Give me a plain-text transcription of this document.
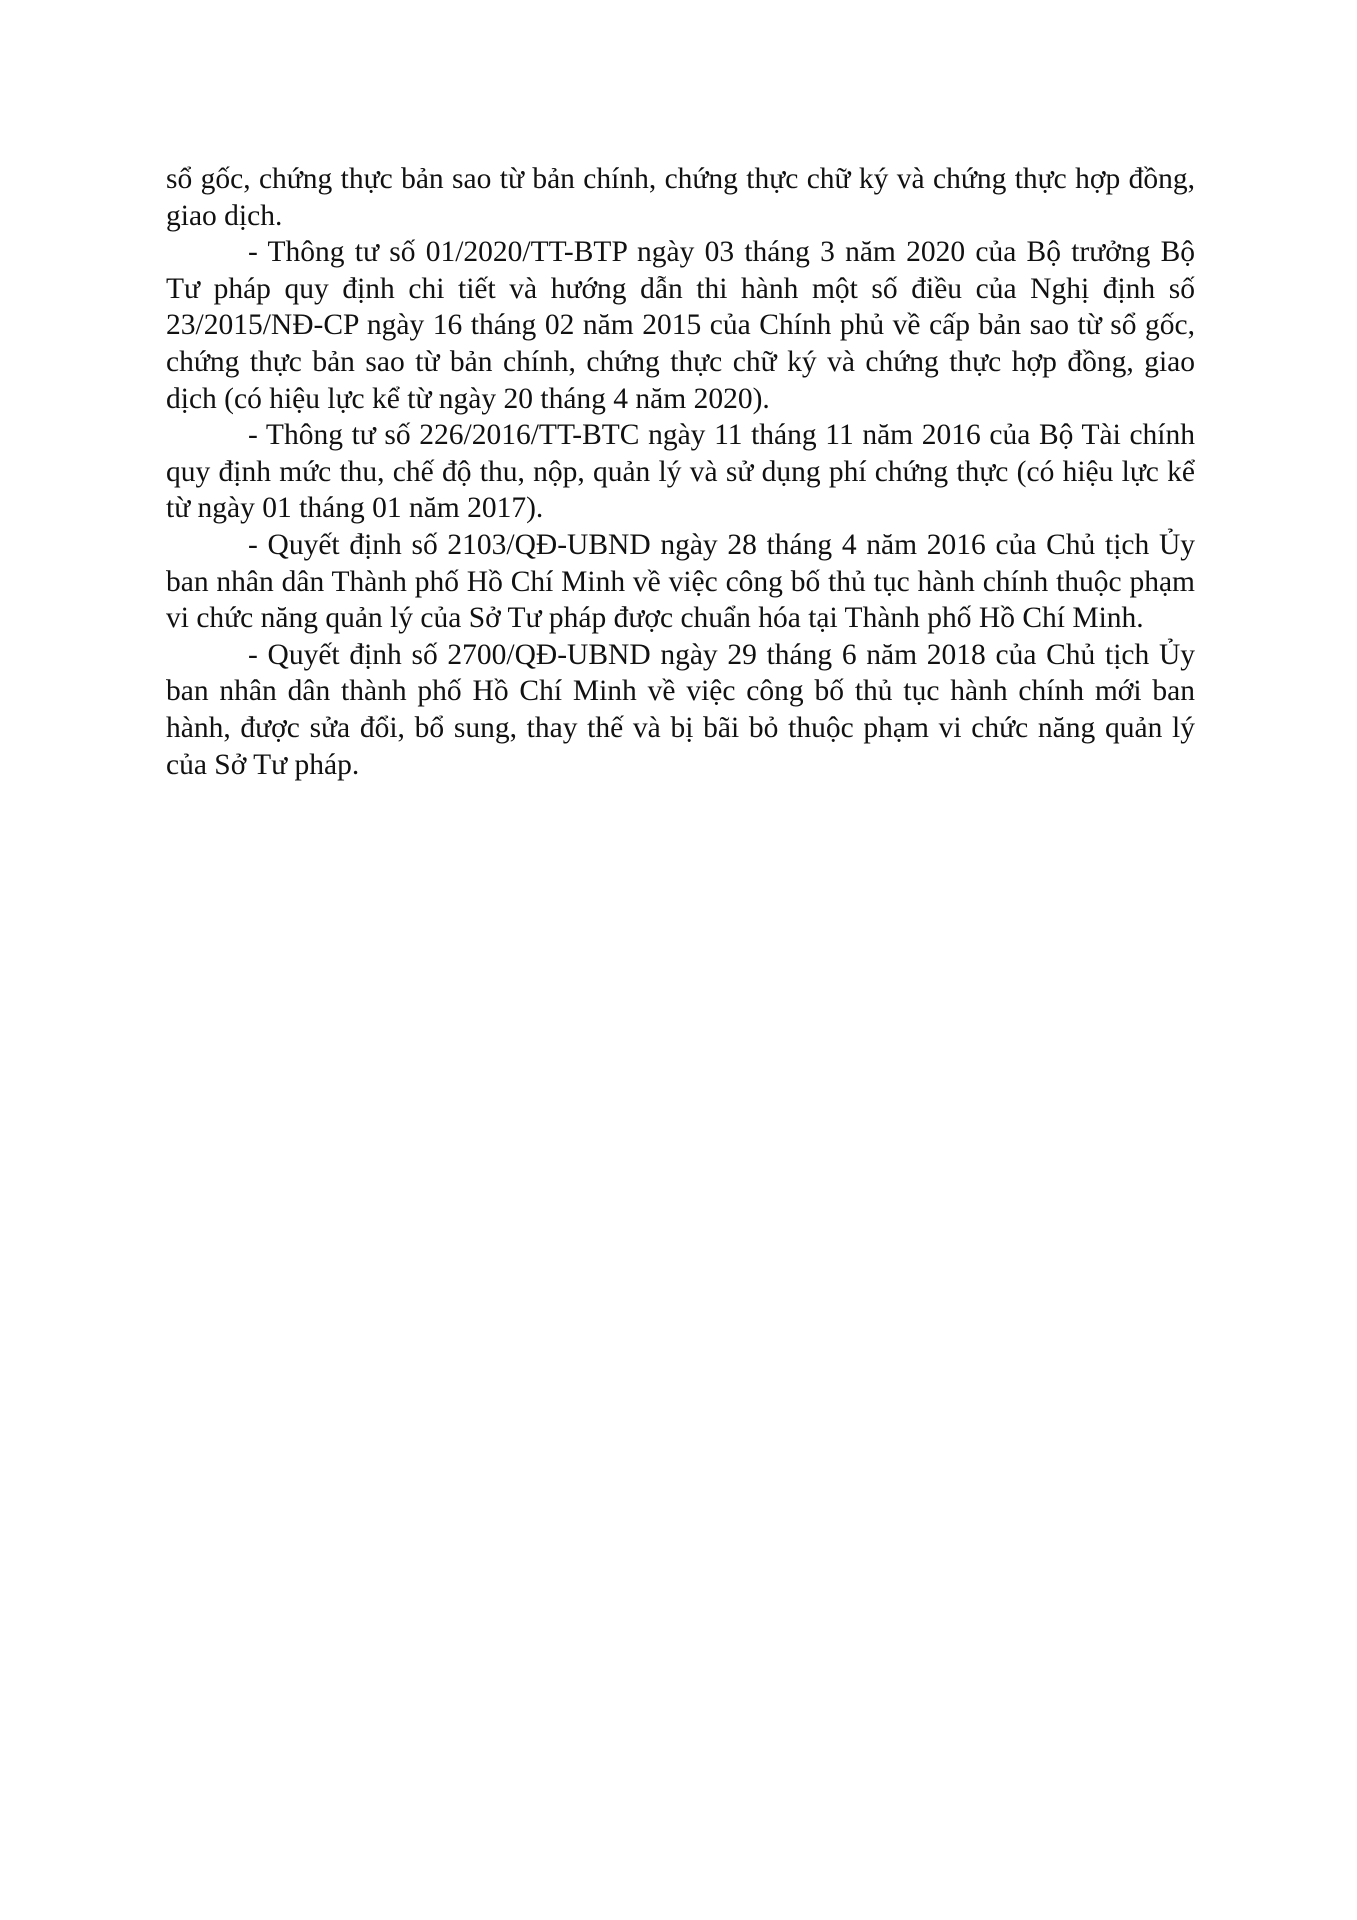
sổ gốc, chứng thực bản sao từ bản chính, chứng thực chữ ký và chứng thực hợp đồng, giao dịch.

- Thông tư số 01/2020/TT-BTP ngày 03 tháng 3 năm 2020 của Bộ trưởng Bộ Tư pháp quy định chi tiết và hướng dẫn thi hành một số điều của Nghị định số 23/2015/NĐ-CP ngày 16 tháng 02 năm 2015 của Chính phủ về cấp bản sao từ sổ gốc, chứng thực bản sao từ bản chính, chứng thực chữ ký và chứng thực hợp đồng, giao dịch (có hiệu lực kể từ ngày 20 tháng 4 năm 2020).

- Thông tư số 226/2016/TT-BTC ngày 11 tháng 11 năm 2016 của Bộ Tài chính quy định mức thu, chế độ thu, nộp, quản lý và sử dụng phí chứng thực (có hiệu lực kể từ ngày 01 tháng 01 năm 2017).

- Quyết định số 2103/QĐ-UBND ngày 28 tháng 4 năm 2016 của Chủ tịch Ủy ban nhân dân Thành phố Hồ Chí Minh về việc công bố thủ tục hành chính thuộc phạm vi chức năng quản lý của Sở Tư pháp được chuẩn hóa tại Thành phố Hồ Chí Minh.

- Quyết định số 2700/QĐ-UBND ngày 29 tháng 6 năm 2018 của Chủ tịch Ủy ban nhân dân thành phố Hồ Chí Minh về việc công bố thủ tục hành chính mới ban hành, được sửa đổi, bổ sung, thay thế và bị bãi bỏ thuộc phạm vi chức năng quản lý của Sở Tư pháp.
